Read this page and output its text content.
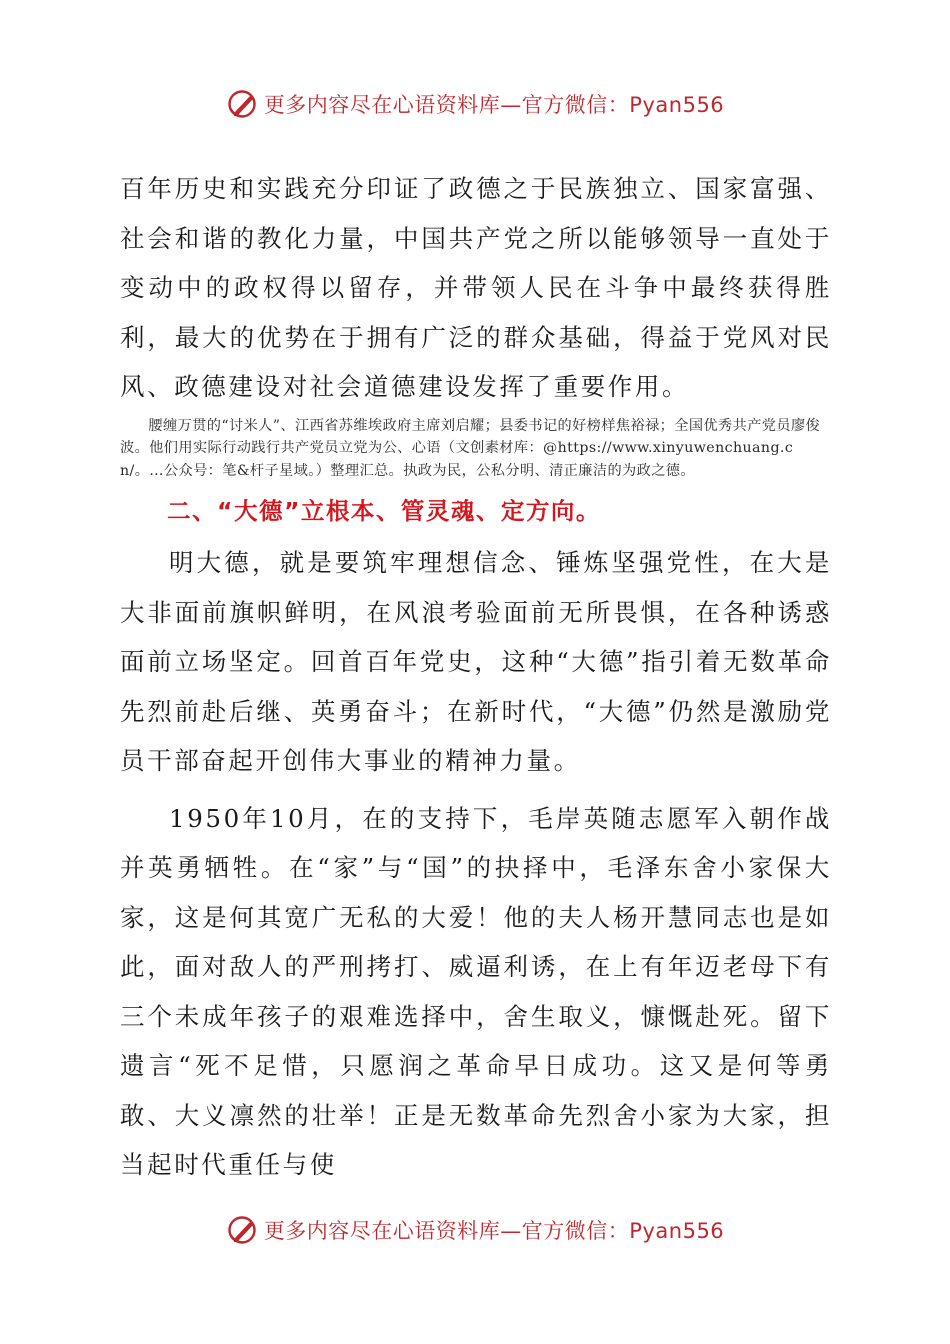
更多内容尽在心语资料库—官方微信：Pyan556

百年历史和实践充分印证了政德之于民族独立、国家富强、社会和谐的教化力量，中国共产党之所以能够领导一直处于变动中的政权得以留存，并带领人民在斗争中最终获得胜利，最大的优势在于拥有广泛的群众基础，得益于党风对民风、政德建设对社会道德建设发挥了重要作用。

腰缠万贯的“讨米人”、江西省苏维埃政府主席刘启耀；县委书记的好榜样焦裕禄；全国优秀共产党员廖俊波。他们用实际行动践行共产党员立党为公、心语（文创素材库：@https://www.xinyuwenchuang.cn/。…公众号：笔&杆子星域。）整理汇总。执政为民，公私分明、清正廉洁的为政之德。

二、“大德”立根本、管灵魂、定方向。

明大德，就是要筑牢理想信念、锤炼坚强党性，在大是大非面前旗帜鲜明，在风浪考验面前无所畏惧，在各种诱惑面前立场坚定。回首百年党史，这种“大德”指引着无数革命先烈前赴后继、英勇奋斗；在新时代，“大德”仍然是激励党员干部奋起开创伟大事业的精神力量。

1950年10月，在的支持下，毛岸英随志愿军入朝作战并英勇牺牲。在“家”与“国”的抉择中，毛泽东舍小家保大家，这是何其宽广无私的大爱！他的夫人杨开慧同志也是如此，面对敌人的严刑拷打、威逼利诱，在上有年迈老母下有三个未成年孩子的艰难选择中，舍生取义，慷慨赴死。留下遗言“死不足惜，只愿润之革命早日成功。这又是何等勇敢、大义凛然的壮举！正是无数革命先烈舍小家为大家，担当起时代重任与使

更多内容尽在心语资料库—官方微信：Pyan556
